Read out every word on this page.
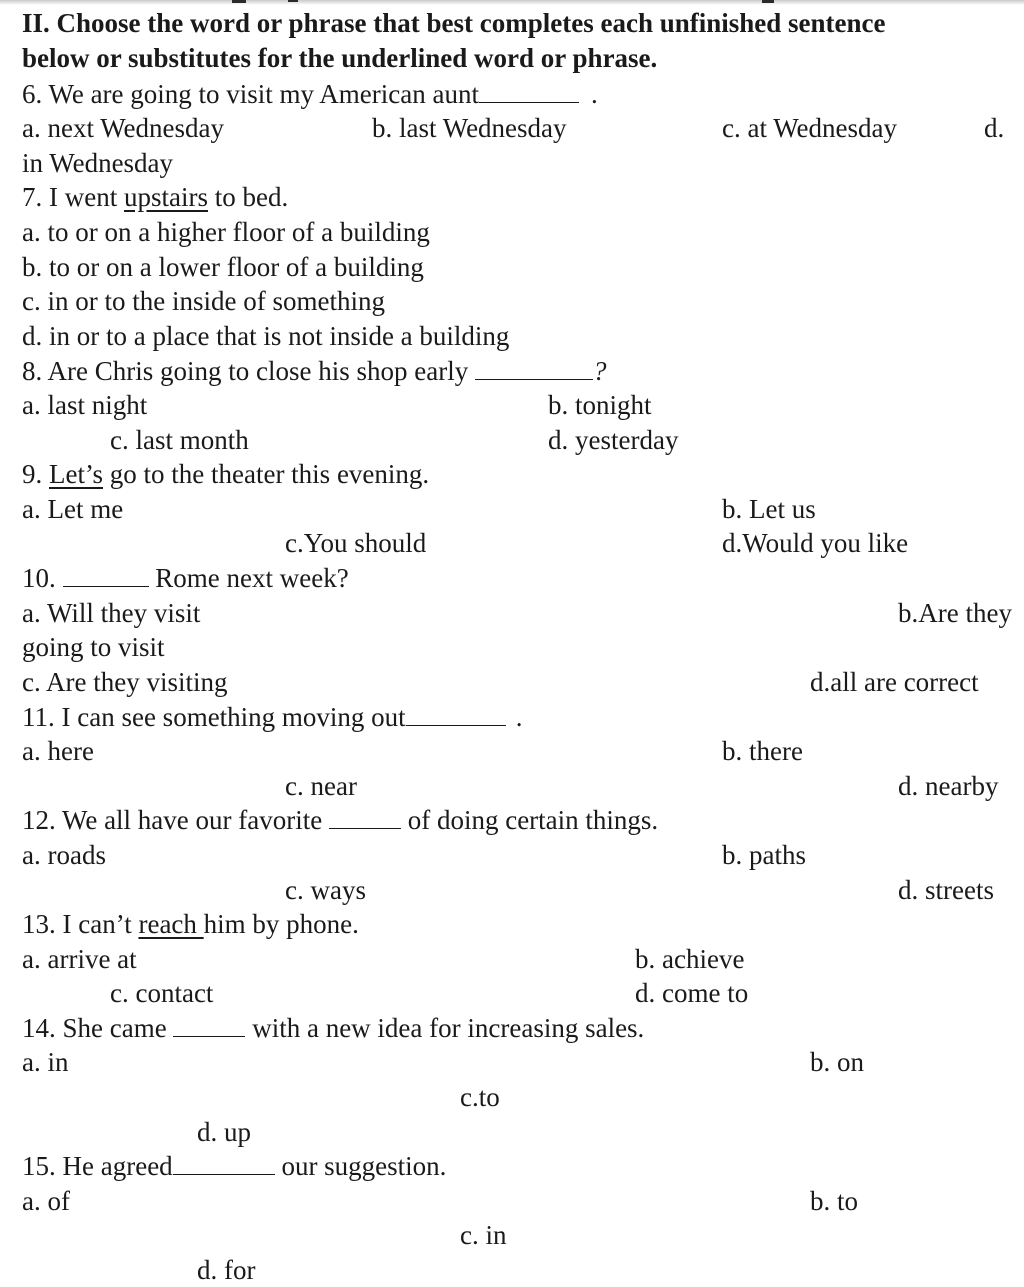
II. Choose the word or phrase that best completes each unfinished sentence
below or substitutes for the underlined word or phrase.
6. We are going to visit my American aunt	.
a. next Wednesday	b. last Wednesday	c. at Wednesday	d.
in Wednesday
7. I went upstairs to bed.
a. to or on a higher floor of a building
b. to or on a lower floor of a building
c. in or to the inside of something
d. in or to a place that is not inside a building
8. Are Chris going to close his shop early	?
a. last night	b. tonight
c. last month	d. yesterday
9. Let’s go to the theater this evening.
a. Let me	b. Let us
c.You should	d.Would you like
10.	Rome next week?
a. Will they visit	b.Are they
going to visit
c. Are they visiting	d.all are correct
11. I can see something moving out	.
a. here	b. there
c. near	d. nearby
12. We all have our favorite	of doing certain things.
a. roads	b. paths
c. ways	d. streets
13. I can’t reach him by phone.
a. arrive at	b. achieve
c. contact	d. come to
14. She came	with a new idea for increasing sales.
a. in	b. on
c.to
d. up
15. He agreed	our suggestion.
a. of	b. to
c. in
d. for
